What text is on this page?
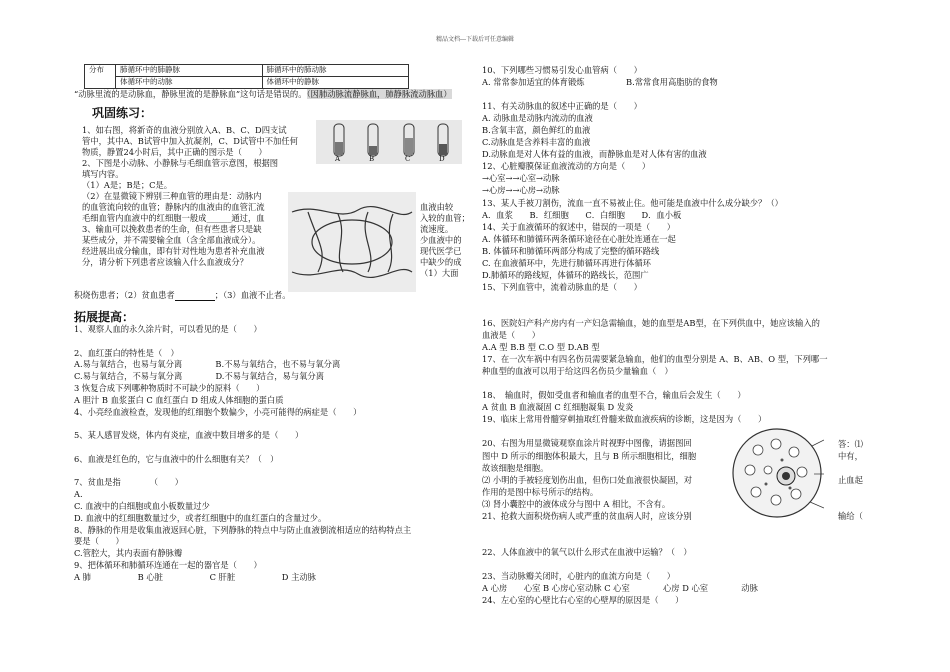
精品文档---下载后可任意编辑
分布	肺循环中的肺静脉	肺循环中的肺动脉
	体循环中的动脉	体循环中的静脉
“动脉里流的是动脉血，静脉里流的是静脉血”这句话是错误的。（因肺动脉流静脉血，肺静脉流动脉血）
巩固练习：
A	B	C	D
1、如右图，将新奇的血液分别放入A、B、C、D四支试
管中，其中A、B试管中加入抗凝剂，C、D试管中不加任何
物质，静置24小时后，其中正确的图示是（　　）
2、下图是小动脉、小静脉与毛细血管示意图，根据图
填写内容。
（1）A是；B是；C是。
（2）在显微镜下辨别三种血管的理由是：动脉内
的血管流向较的血管；静脉内的血液由的血管汇流
毛细血管内血液中的红细胞一般成______通过，血
3、输血可以挽救患者的生命，但有些患者只是缺
某些成分，并不需要输全血（含全部血液成分）。
经进展出成分输血，即有针对性地为患者补充血液
分，请分析下列患者应该输入什么血液成分？
血液由较
入较的血管；
流速度。
少血液中的
现代医学已
中缺少的成
（1）大面
积烧伤患者；（2）贫血患者	；（3）血液不止者。
拓展提高：
1、观察人血的永久涂片时，可以看见的是（　　）
2、血红蛋白的特性是（　）
A.易与氧结合，也易与氧分离　　　　B.不易与氧结合，也不易与氧分离
C.易与氧结合，不易与氧分离　　　　D.不易与氧结合，易与氧分离
3 恢复合成下列哪种物质时不可缺少的原料（　　）
A 胆汁 B 血浆蛋白 C 血红蛋白 D 组成人体细胞的蛋白质
4、小亮经血液检查，发现他的红细胞个数偏少，小亮可能得的病症是（　　）
5、某人感冒发烧，体内有炎症，血液中数目增多的是（　　）
6、血液是红色的，它与血液中的什么细胞有关？（　）
7、贫血是指　　　　（　　）
A.
C. 血液中的白细胞或血小板数量过少
D. 血液中的红细胞数量过少，或者红细胞中的血红蛋白的含量过少。
8、静脉的作用是收集血液返回心脏，下列静脉的特点中与防止血液倒流相适应的结构特点主
要是（　　）
C.管腔大，其内表面有静脉瓣
9、把体循环和肺循环连通在一起的器官是（　　）
A 肺	B 心脏	C 肝脏	D 主动脉
10、下列哪些习惯易引发心血管病（　　）
A. 常常参加适宜的体育锻炼　　　　　B.常常食用高脂肪的食物
11、有关动脉血的叙述中正确的是（　　）
A. 动脉血是动脉内流动的血液
B.含氧丰富，颜色鲜红的血液
C.动脉血是含养料丰富的血液
D.动脉血是对人体有益的血液，而静脉血是对人体有害的血液
12、心脏瓣膜保证血液流动的方向是（　　）
→心室→→心室→动脉
→心房→→心房→动脉
13、某人手被刀割伤，流血一直不易被止住。他可能是血液中什么成分缺少？（）
A．血浆　　B．红细胞　　C．白细胞　　D．血小板
14、关于血液循环的叙述中，错误的一项是（　　）
A. 体循环和肺循环两条循环途径在心脏处连通在一起
B. 体循环和肺循环两部分构成了完整的循环路线
C. 在血液循环中，先进行肺循环再进行体循环
D.肺循环的路线短，体循环的路线长，范围广
15、下列血管中，流着动脉血的是（　　）
16、医院妇产科产房内有一产妇急需输血，她的血型是AB型，在下列供血中，她应该输入的
血液是（　　）
A.A 型 B.B 型 C.O 型 D.AB 型
17、在一次车祸中有四名伤员需要紧急输血，他们的血型分别是 A、B、AB、O 型，下列哪一
种血型的血液可以用于给这四名伤员少量输血（　）
18、　输血时，假如受血者和输血者的血型不合，输血后会发生（　　）
A 贫血 B 血液凝固 C 红细胞凝集 D 发炎
19、临床上常用骨髓穿刺抽取红骨髓来做血液疾病的诊断，这是因为（　　）
20、右图为用显微镜观察血涂片时视野中图像，请据图回
图中 D 所示的细胞体积最大，且与 B 所示细胞相比，细胞
故该细胞是细胞。
⑵ 小明的手被轻度划伤出血，但伤口处血液很快凝固，对
作用的是图中标号所示的结构。
⑶ 肾小囊腔中的液体成分与图中 A 相比，不含有。
21、抢救大面积烧伤病人或严重的贫血病人时，应该分别
22、人体血液中的氧气以什么形式在血液中运输？（　）
23、当动脉瓣关闭时，心脏内的血流方向是（　　）
A 心房　　心室 B 心房心室动脉 C 心室　　　　心房 D 心室　　　　动脉
24、左心室的心壁比右心室的心壁厚的原因是（　　）
答：⑴
中有，
止血起
输给（
